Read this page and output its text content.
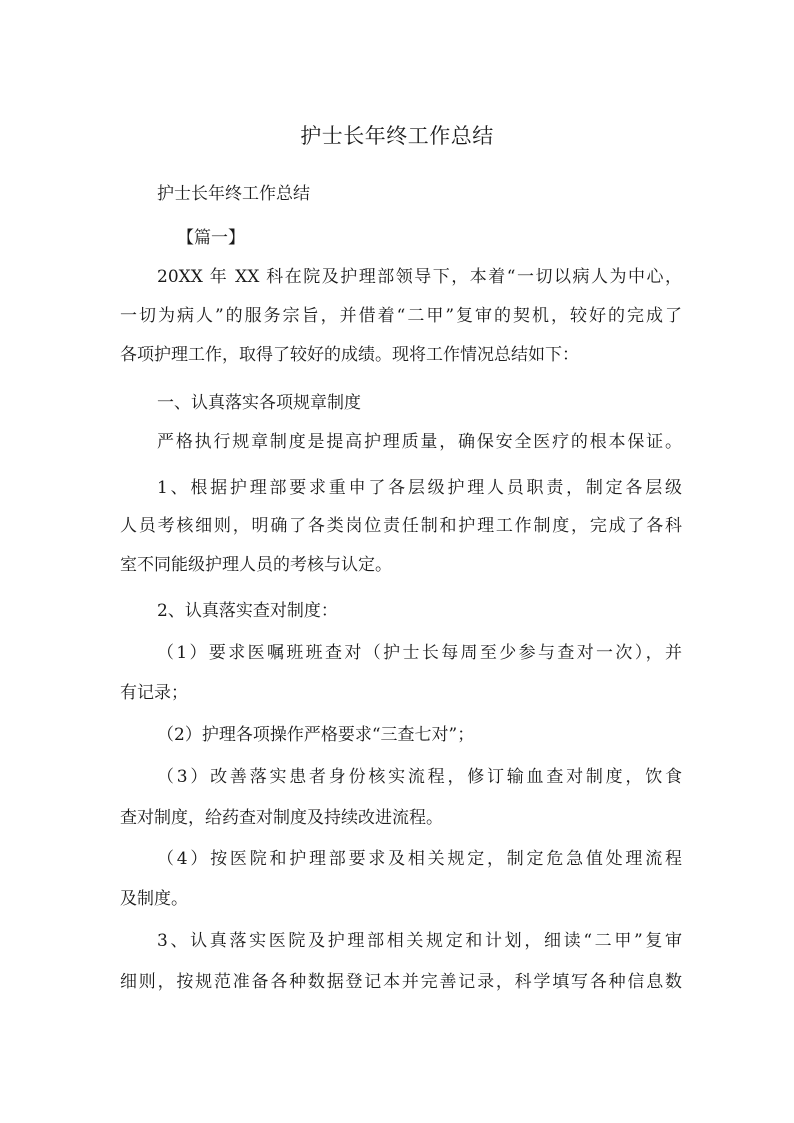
护士长年终工作总结
护士长年终工作总结
【篇一】
20XX 年 XX 科在院及护理部领导下，本着“一切以病人为中心，
一切为病人”的服务宗旨，并借着“二甲”复审的契机，较好的完成了
各项护理工作，取得了较好的成绩。现将工作情况总结如下：
一、认真落实各项规章制度
严格执行规章制度是提高护理质量，确保安全医疗的根本保证。
1、根据护理部要求重申了各层级护理人员职责，制定各层级
人员考核细则，明确了各类岗位责任制和护理工作制度，完成了各科
室不同能级护理人员的考核与认定。
2、认真落实查对制度：
（1）要求医嘱班班查对（护士长每周至少参与查对一次），并
有记录；
（2）护理各项操作严格要求“三查七对”；
（3）改善落实患者身份核实流程，修订输血查对制度，饮食
查对制度，给药查对制度及持续改进流程。
（4）按医院和护理部要求及相关规定，制定危急值处理流程
及制度。
3、认真落实医院及护理部相关规定和计划，细读“二甲”复审
细则，按规范准备各种数据登记本并完善记录，科学填写各种信息数
